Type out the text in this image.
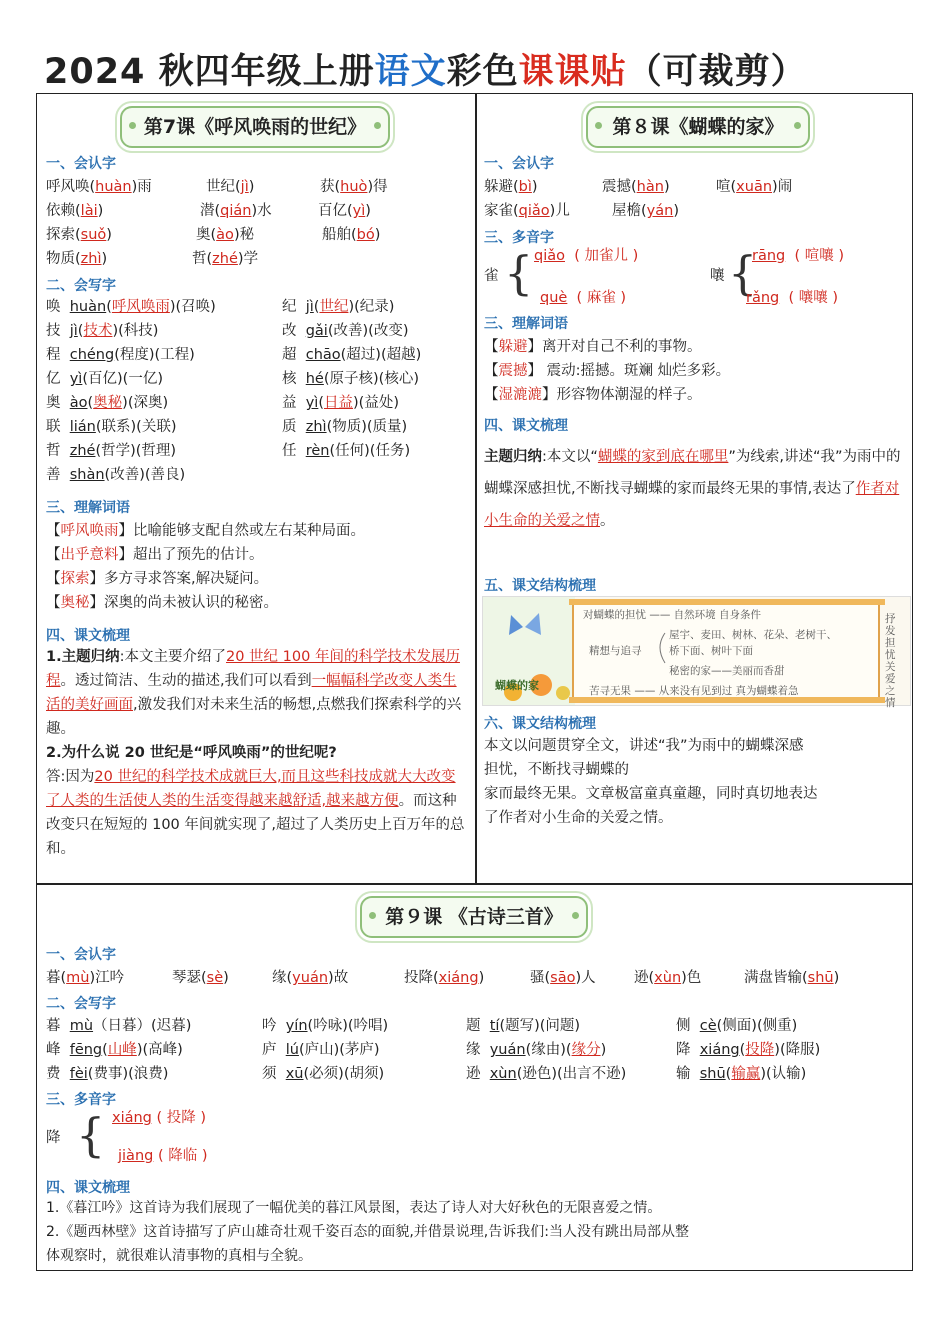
2024 秋四年级上册语文彩色课课贴（可裁剪）
第7课《呼风唤雨的世纪》
一、会认字
呼风唤(huàn)雨	世纪(jì)	获(huò)得
依赖(lài)	潜(qián)水	百亿(yì)
探索(suǒ)	奥(ào)秘	船舶(bó)
物质(zhì)	哲(zhé)学
二、会写字
唤  huàn(呼风唤雨)(召唤)	纪  jì(世纪)(纪录)
技  jì(技术)(科技)	改  gǎi(改善)(改变)
程  chéng(程度)(工程)	超  chāo(超过)(超越)
亿  yì(百亿)(一亿)	核  hé(原子核)(核心)
奥  ào(奥秘)(深奥)	益  yì(日益)(益处)
联  lián(联系)(关联)	质  zhì(物质)(质量)
哲  zhé(哲学)(哲理)	任  rèn(任何)(任务)
善  shàn(改善)(善良)
三、理解词语
【呼风唤雨】比喻能够支配自然或左右某种局面。
【出乎意料】超出了预先的估计。
【探索】多方寻求答案,解决疑问。
【奥秘】深奥的尚未被认识的秘密。
四、课文梳理
1.主题归纳:本文主要介绍了20 世纪 100 年间的科学技术发展历程。透过简洁、生动的描述,我们可以看到一幅幅科学改变人类生活的美好画面,激发我们对未来生活的畅想,点燃我们探索科学的兴趣。
2.为什么说 20 世纪是“呼风唤雨”的世纪呢?
答:因为20 世纪的科学技术成就巨大,而且这些科技成就大大改变了人类的生活使人类的生活变得越来越舒适,越来越方便。而这种改变只在短短的 100 年间就实现了,超过了人类历史上百万年的总和。
第８课《蝴蝶的家》
一、会认字
躲避(bì)	震撼(hàn)	喧(xuān)闹
家雀(qiǎo)儿	屋檐(yán)
三、多音字
雀 { qiǎo ( 加雀儿 )
què ( 麻雀 )
嚷 {
rāng ( 喧嚷 )
rǎng ( 嚷嚷 )
三、理解词语
【躲避】离开对自己不利的事物。
【震撼】 震动:摇撼。斑斓 灿烂多彩。
【湿漉漉】形容物体潮湿的样子。
四、课文梳理
主题归纳:本文以“蝴蝶的家到底在哪里”为线索,讲述“我”为雨中的蝴蝶深感担忧,不断找寻蝴蝶的家而最终无果的事情,表达了作者对小生命的关爱之情。
五、课文结构梳理
蝴蝶的家
对蝴蝶的担忧 —— 自然环境 自身条件
精想与追寻
屋宇、麦田、树林、花朵、老树干、
桥下面、树叶下面
秘密的家——美丽而香甜
苦寻无果 —— 从来没有见到过 真为蝴蝶着急
抒发担忧关爱之情
六、课文结构梳理
本文以问题贯穿全文，讲述“我”为雨中的蝴蝶深感
担忧，不断找寻蝴蝶的
家而最终无果。文章极富童真童趣，同时真切地表达
了作者对小生命的关爱之情。
第９课 《古诗三首》
一、会认字
暮(mù)江吟	琴瑟(sè)	缘(yuán)故	投降(xiáng)	骚(sāo)人	逊(xùn)色	满盘皆输(shū)
二、会写字
暮  mù（日暮）(迟暮)	吟  yín(吟咏)(吟唱)	题  tí(题写)(问题)	侧  cè(侧面)(侧重)
峰  fēng(山峰)(高峰)	庐  lú(庐山)(茅庐)	缘  yuán(缘由)(缘分)	降  xiáng(投降)(降服)
费  fèi(费事)(浪费)	须  xū(必须)(胡须)	逊  xùn(逊色)(出言不逊)	输  shū(输赢)(认输)
三、多音字
降 { xiáng ( 投降 )
jiàng ( 降临 )
四、课文梳理
1.《暮江吟》这首诗为我们展现了一幅优美的暮江风景图，表达了诗人对大好秋色的无限喜爱之情。
2.《题西林壁》这首诗描写了庐山雄奇壮观千姿百态的面貌,并借景说理,告诉我们:当人没有跳出局部从整
体观察时，就很难认清事物的真相与全貌。
